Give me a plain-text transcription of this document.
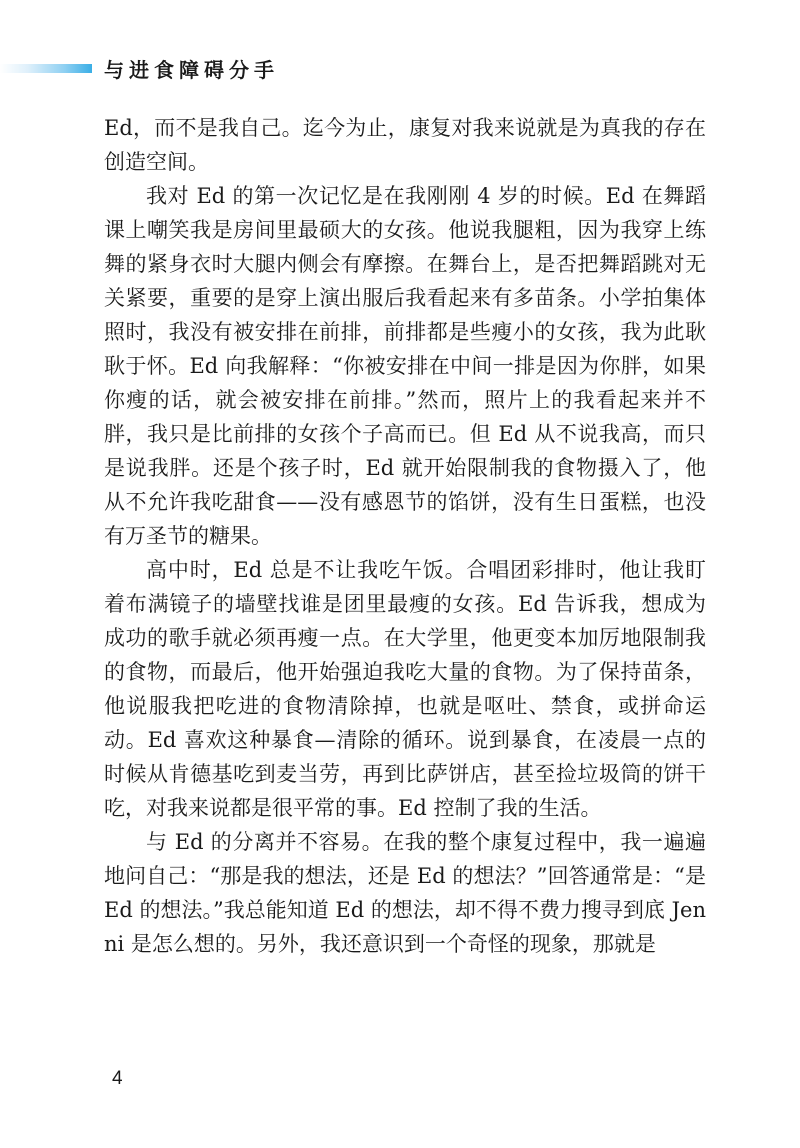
与进食障碍分手

Ed，而不是我自己。迄今为止，康复对我来说就是为真我的存在创造空间。

我对 Ed 的第一次记忆是在我刚刚 4 岁的时候。Ed 在舞蹈课上嘲笑我是房间里最硕大的女孩。他说我腿粗，因为我穿上练舞的紧身衣时大腿内侧会有摩擦。在舞台上，是否把舞蹈跳对无关紧要，重要的是穿上演出服后我看起来有多苗条。小学拍集体照时，我没有被安排在前排，前排都是些瘦小的女孩，我为此耿耿于怀。Ed 向我解释：“你被安排在中间一排是因为你胖，如果你瘦的话，就会被安排在前排。”然而，照片上的我看起来并不胖，我只是比前排的女孩个子高而已。但 Ed 从不说我高，而只是说我胖。还是个孩子时，Ed 就开始限制我的食物摄入了，他从不允许我吃甜食——没有感恩节的馅饼，没有生日蛋糕，也没有万圣节的糖果。

高中时，Ed 总是不让我吃午饭。合唱团彩排时，他让我盯着布满镜子的墙壁找谁是团里最瘦的女孩。Ed 告诉我，想成为成功的歌手就必须再瘦一点。在大学里，他更变本加厉地限制我的食物，而最后，他开始强迫我吃大量的食物。为了保持苗条，他说服我把吃进的食物清除掉，也就是呕吐、禁食，或拼命运动。Ed 喜欢这种暴食—清除的循环。说到暴食，在凌晨一点的时候从肯德基吃到麦当劳，再到比萨饼店，甚至捡垃圾筒的饼干吃，对我来说都是很平常的事。Ed 控制了我的生活。

与 Ed 的分离并不容易。在我的整个康复过程中，我一遍遍地问自己：“那是我的想法，还是 Ed 的想法？”回答通常是：“是 Ed 的想法。”我总能知道 Ed 的想法，却不得不费力搜寻到底 Jenni 是怎么想的。另外，我还意识到一个奇怪的现象，那就是

4
